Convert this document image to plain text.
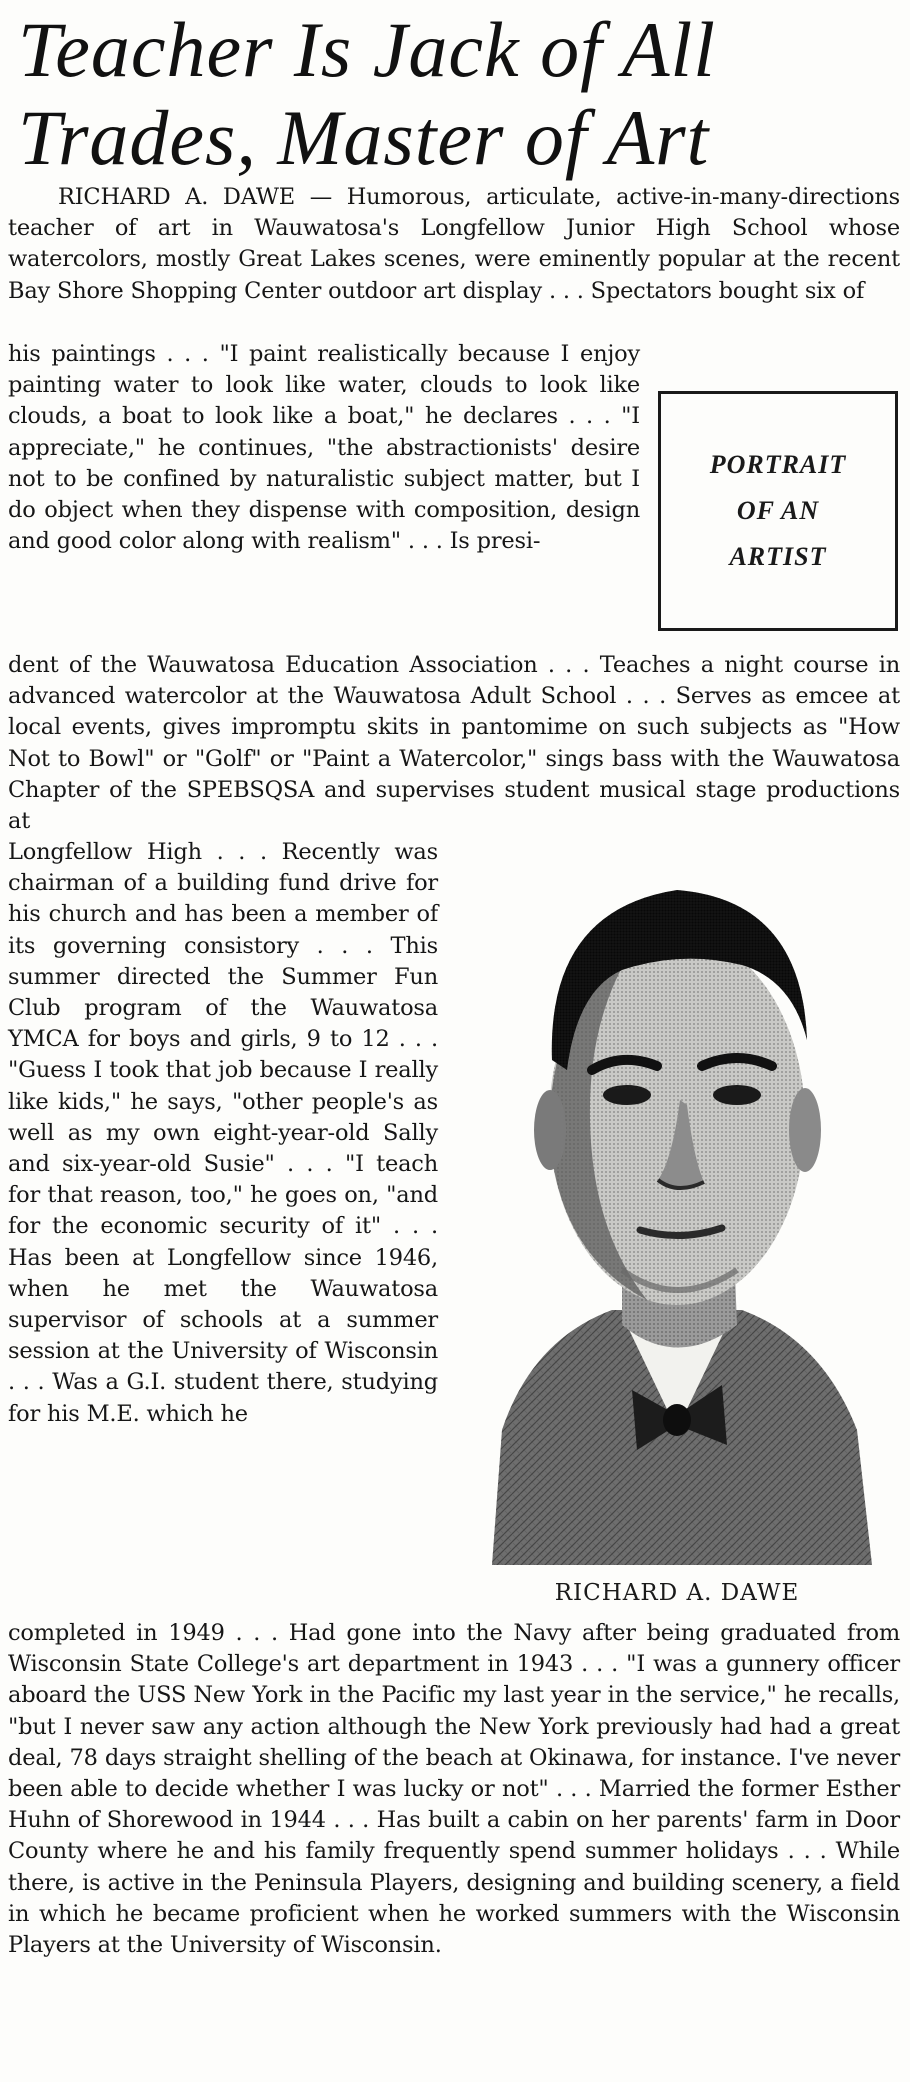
Teacher Is Jack of All
Trades, Master of Art

RICHARD A. DAWE — Humorous, articulate, active-in-many-directions teacher of art in Wauwatosa's Longfellow Junior High School whose watercolors, mostly Great Lakes scenes, were eminently popular at the recent Bay Shore Shopping Center outdoor art display . . . Spectators bought six of

his paintings . . . "I paint realistically because I enjoy painting water to look like water, clouds to look like clouds, a boat to look like a boat," he declares . . . "I appreciate," he continues, "the abstractionists' desire not to be confined by naturalistic subject matter, but I do object when they dispense with composition, design and good color along with realism" . . . Is presi-

PORTRAIT
OF AN
ARTIST

dent of the Wauwatosa Education Association . . . Teaches a night course in advanced watercolor at the Wauwatosa Adult School . . . Serves as emcee at local events, gives impromptu skits in pantomime on such subjects as "How Not to Bowl" or "Golf" or "Paint a Watercolor," sings bass with the Wauwatosa Chapter of the SPEBSQSA and supervises student musical stage productions at

Longfellow High . . . Recently was chairman of a building fund drive for his church and has been a member of its governing consistory . . . This summer directed the Summer Fun Club program of the Wauwatosa YMCA for boys and girls, 9 to 12 . . . "Guess I took that job because I really like kids," he says, "other people's as well as my own eight-year-old Sally and six-year-old Susie" . . . "I teach for that reason, too," he goes on, "and for the economic security of it" . . . Has been at Longfellow since 1946, when he met the Wauwatosa supervisor of schools at a summer session at the University of Wisconsin . . . Was a G.I. student there, studying for his M.E. which he

RICHARD A. DAWE

completed in 1949 . . . Had gone into the Navy after being graduated from Wisconsin State College's art department in 1943 . . . "I was a gunnery officer aboard the USS New York in the Pacific my last year in the service," he recalls, "but I never saw any action although the New York previously had had a great deal, 78 days straight shelling of the beach at Okinawa, for instance. I've never been able to decide whether I was lucky or not" . . . Married the former Esther Huhn of Shorewood in 1944 . . . Has built a cabin on her parents' farm in Door County where he and his family frequently spend summer holidays . . . While there, is active in the Peninsula Players, designing and building scenery, a field in which he became proficient when he worked summers with the Wisconsin Players at the University of Wisconsin.
